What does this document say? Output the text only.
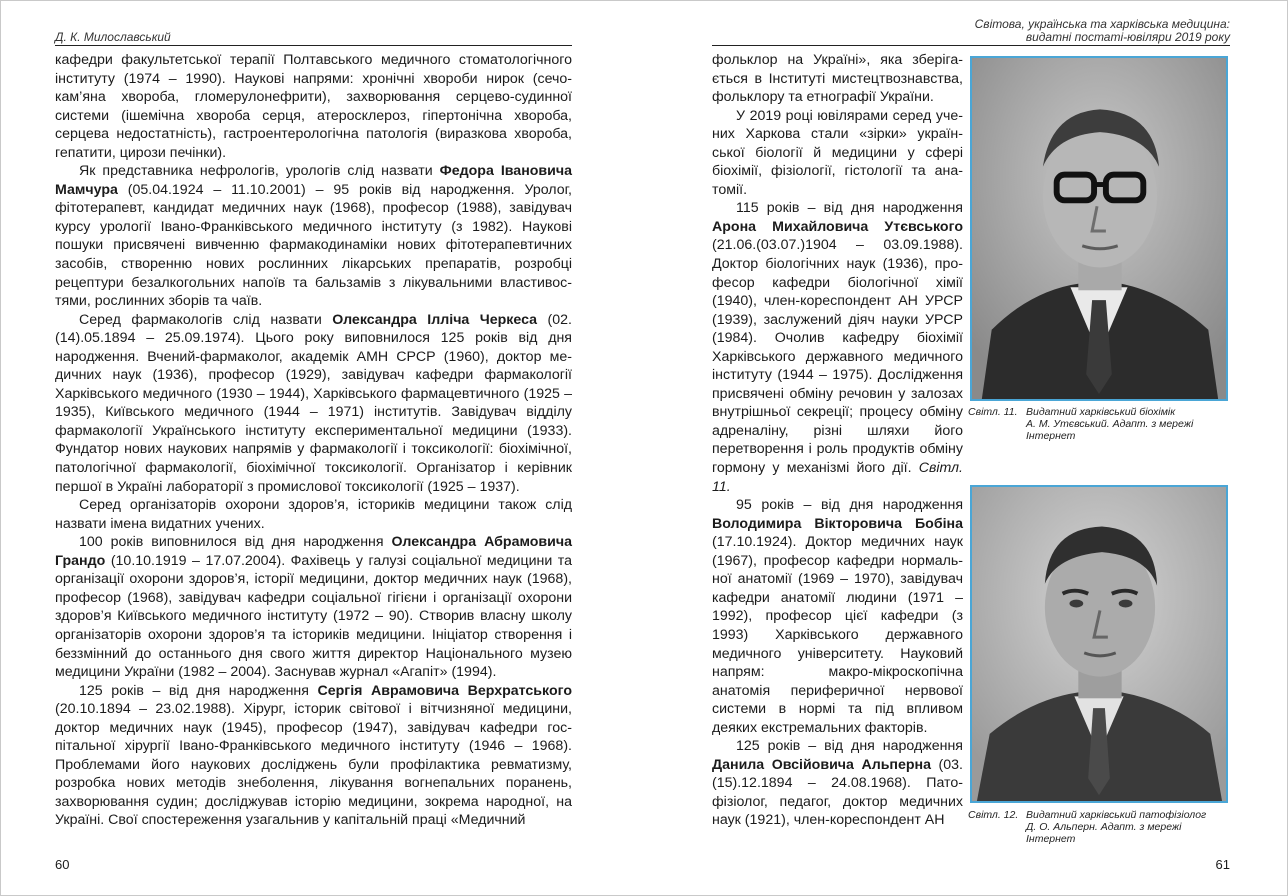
Д. К. Милославський

кафедри факультетської терапії Полтавського медичного стоматологічного інституту (1974 – 1990). Наукові напрями: хронічні хвороби нирок (сечокам’яна хвороба, гломерулонефрити), захворювання серцево-судинної системи (ішемічна хвороба серця, атеросклероз, гіпертонічна хвороба, серцева недостатність), гастроентерологічна патологія (виразкова хвороба, гепатити, цирози печінки).

Як представника нефрологів, урологів слід назвати Федора Івановича Мамчура (05.04.1924 – 11.10.2001) – 95 років від народження. Уролог, фітотерапевт, кандидат медичних наук (1968), професор (1988), завідувач курсу урології Івано-Франківського медичного інституту (з 1982). Наукові пошуки присвячені вивченню фармакодинаміки нових фітотерапевтичних засобів, створенню нових рослинних лікарських препаратів, розробці рецептури безалкогольних напоїв та бальзамів з лікувальними властивостями, рослинних зборів та чаїв.

Серед фармакологів слід назвати Олександра Ілліча Черкеса (02.(14).05.1894 – 25.09.1974). Цього року виповнилося 125 років від дня народження. Вчений-фармаколог, академік АМН СРСР (1960), доктор медичних наук (1936), професор (1929), завідувач кафедри фармакології Харківського медичного (1930 – 1944), Харківського фармацевтичного (1925 – 1935), Київського медичного (1944 – 1971) інститутів. Завідувач відділу фармакології Українського інституту експериментальної медицини (1933). Фундатор нових наукових напрямів у фармакології і токсикології: біохімічної, патологічної фармакології, біохімічної токсикології. Організатор і керівник першої в Україні лабораторії з промислової токсикології (1925 – 1937).

Серед організаторів охорони здоров’я, істориків медицини також слід назвати імена видатних учених.

100 років виповнилося від дня народження Олександра Абрамовича Грандо (10.10.1919 – 17.07.2004). Фахівець у галузі соціальної медицини та організації охорони здоров’я, історії медицини, доктор медичних наук (1968), професор (1968), завідувач кафедри соціальної гігієни і організації охорони здоров’я Київського медичного інституту (1972 – 90). Створив власну школу організаторів охорони здоров’я та істориків медицини. Ініціатор створення і беззмінний до останнього дня свого життя директор Національного музею медицини України (1982 – 2004). Заснував журнал «Агапіт» (1994).

125 років – від дня народження Сергія Аврамовича Верхратського (20.10.1894 – 23.02.1988). Хірург, історик світової і вітчизняної медицини, доктор медичних наук (1945), професор (1947), завідувач кафедри госпітальної хірургії Івано-Франківського медичного інституту (1946 – 1968). Проблемами його наукових досліджень були профілактика ревматизму, розробка нових методів знеболення, лікування вогнепальних поранень, захворювання судин; досліджував історію медицини, зокрема народної, на Україні. Свої спостереження узагальнив у капітальній праці «Медичний

60
Світова, українська та харківська медицина:
видатні постаті-ювіляри 2019 року

фольклор на Україні», яка зберігається в Інституті мистецтвознавства, фольклору та етнографії України.

У 2019 році ювілярами серед учених Харкова стали «зірки» української біології й медицини у сфері біохімії, фізіології, гістології та анатомії.

115 років – від дня народження Арона Михайловича Утєвського (21.06.(03.07.)1904 – 03.09.1988). Доктор біологічних наук (1936), професор кафедри біологічної хімії (1940), член-кореспондент АН УРСР (1939), заслужений діяч науки УРСР (1984). Очолив кафедру біохімії Харківського державного медичного інституту (1944 – 1975). Дослідження присвячені обміну речовин у залозах внутрішньої секреції; процесу обміну адреналіну, різні шляхи його перетворення і роль продуктів обміну гормону у механізмі його дії. Світл. 11.

95 років – від дня народження Володимира Вікторовича Бобіна (17.10.1924). Доктор медичних наук (1967), професор кафедри нормальної анатомії (1969 – 1970), завідувач кафедри анатомії людини (1971 – 1992), професор цієї кафедри (з 1993) Харківського державного медичного університету. Науковий напрям: макро-мікроскопічна анатомія периферичної нервової системи в нормі та під впливом деяких екстремальних факторів.

125 років – від дня народження Данила Овсійовича Альперна (03.(15).12.1894 – 24.08.1968). Патофізіолог, педагог, доктор медичних наук (1921), член-кореспондент АН

Світл. 11. Видатний харківський біохімік
А. М. Утєвський. Адапт. з мережі
Інтернет
Світл. 12. Видатний харківський патофізіолог
Д. О. Альперн. Адапт. з мережі
Інтернет
61
